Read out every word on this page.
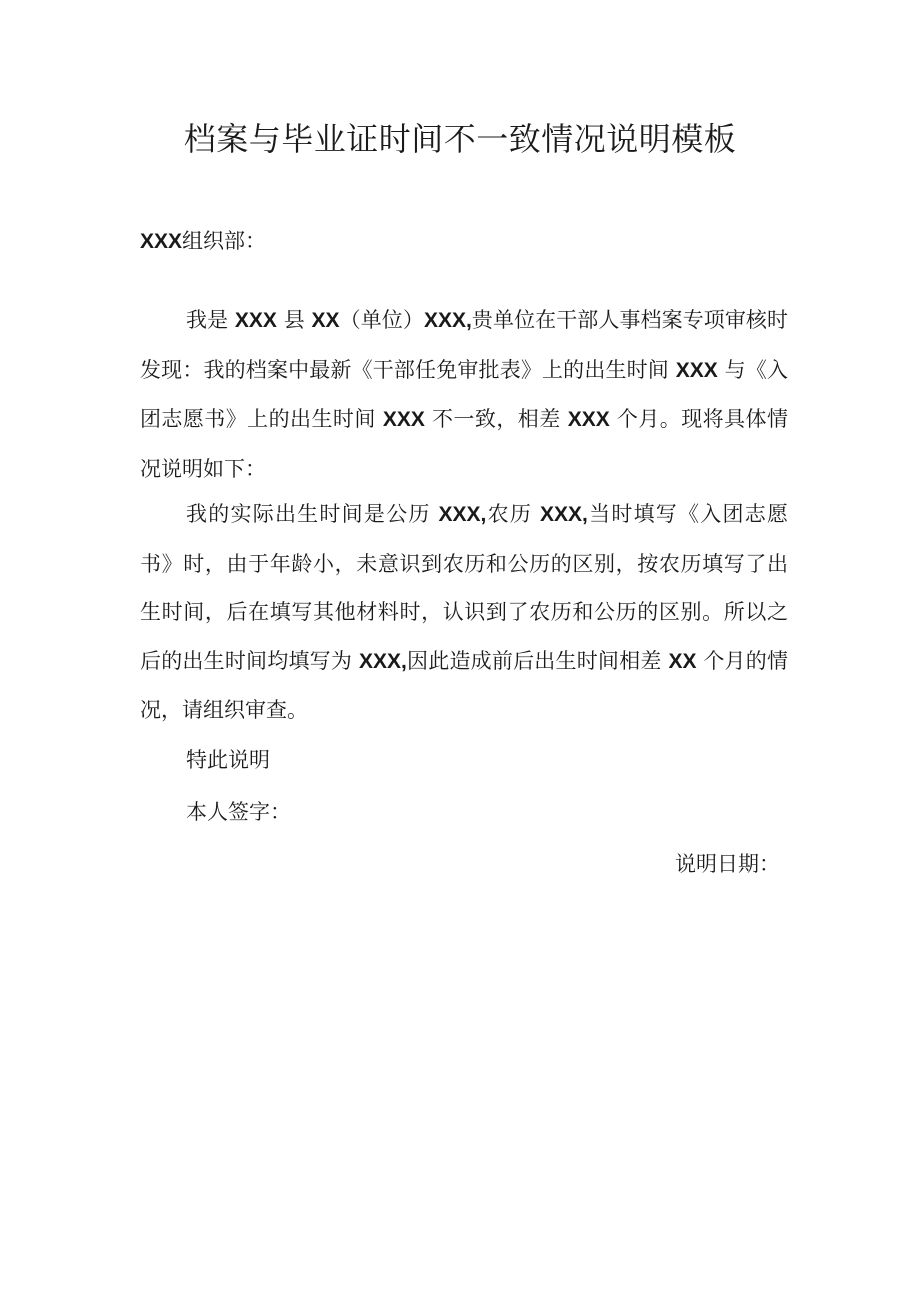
档案与毕业证时间不一致情况说明模板
XXX组织部：

我是 XXX 县 XX（单位）XXX,贵单位在干部人事档案专项审核时发现：我的档案中最新《干部任免审批表》上的出生时间 XXX 与《入团志愿书》上的出生时间 XXX 不一致，相差 XXX 个月。现将具体情况说明如下：

我的实际出生时间是公历 XXX,农历 XXX,当时填写《入团志愿书》时，由于年龄小，未意识到农历和公历的区别，按农历填写了出生时间，后在填写其他材料时，认识到了农历和公历的区别。所以之后的出生时间均填写为 XXX,因此造成前后出生时间相差 XX 个月的情况，请组织审查。

特此说明
本人签字：
说明日期：
